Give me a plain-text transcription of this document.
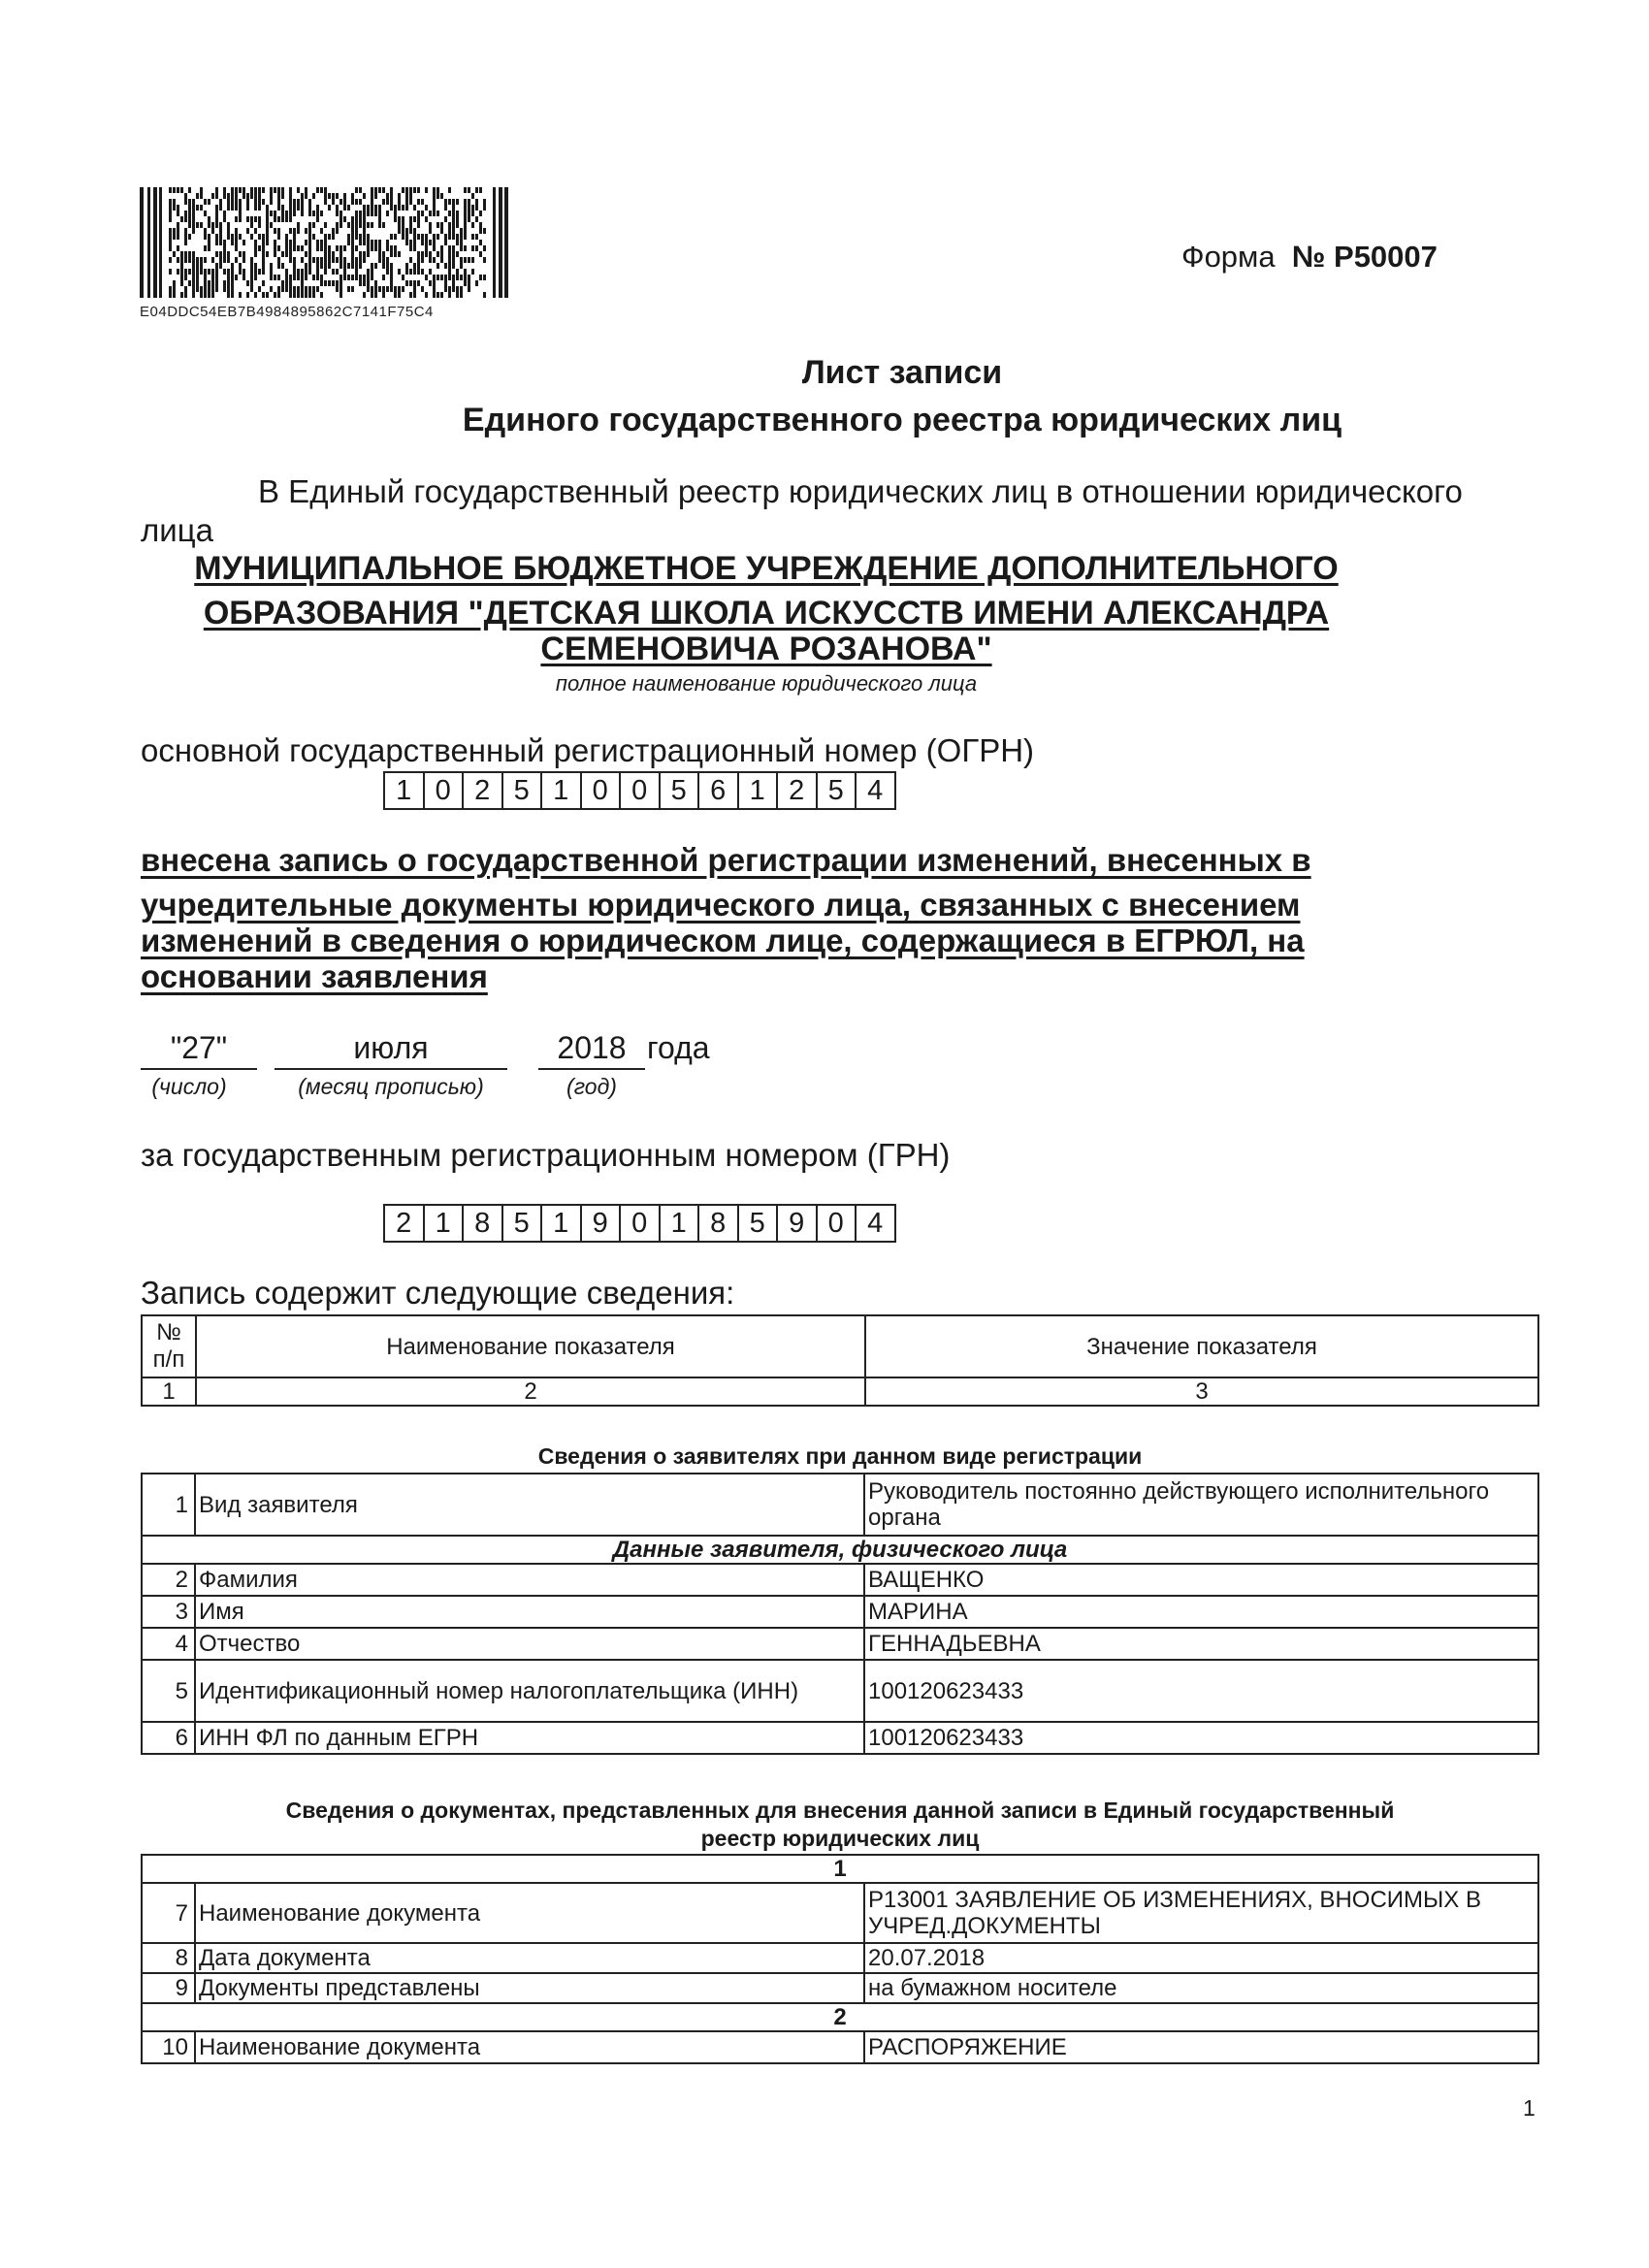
E04DDC54EB7B4984895862C7141F75C4
Форма № Р50007
Лист записи
Единого государственного реестра юридических лиц
В Единый государственный реестр юридических лиц в отношении юридического
лица
МУНИЦИПАЛЬНОЕ БЮДЖЕТНОЕ УЧРЕЖДЕНИЕ ДОПОЛНИТЕЛЬНОГО
ОБРАЗОВАНИЯ "ДЕТСКАЯ ШКОЛА ИСКУССТВ ИМЕНИ АЛЕКСАНДРА
СЕМЕНОВИЧА РОЗАНОВА"
полное наименование юридического лица
основной государственный регистрационный номер (ОГРН)
1 0 2 5 1 0 0 5 6 1 2 5 4
внесена запись о государственной регистрации изменений, внесенных в
учредительные документы юридического лица, связанных с внесением
изменений в сведения о юридическом лице, содержащиеся в ЕГРЮЛ, на
основании заявления
"27"	июля	2018 года
(число)	(месяц прописью)	(год)
за государственным регистрационным номером (ГРН)
2 1 8 5 1 9 0 1 8 5 9 0 4
Запись содержит следующие сведения:
№
п/п	Наименование показателя	Значение показателя
1	2	3
Сведения о заявителях при данном виде регистрации
1	Вид заявителя	Руководитель постоянно действующего исполнительного органа
Данные заявителя, физического лица		
2	Фамилия	ВАЩЕНКО
3	Имя	МАРИНА
4	Отчество	ГЕННАДЬЕВНА
5	Идентификационный номер налогоплательщика (ИНН)	100120623433
6	ИНН ФЛ по данным ЕГРН	100120623433
Сведения о документах, представленных для внесения данной записи в Единый государственный
реестр юридических лиц
1		
7	Наименование документа	Р13001 ЗАЯВЛЕНИЕ ОБ ИЗМЕНЕНИЯХ, ВНОСИМЫХ В УЧРЕД.ДОКУМЕНТЫ
8	Дата документа	20.07.2018
9	Документы представлены	на бумажном носителе
2		
10	Наименование документа	РАСПОРЯЖЕНИЕ
1
